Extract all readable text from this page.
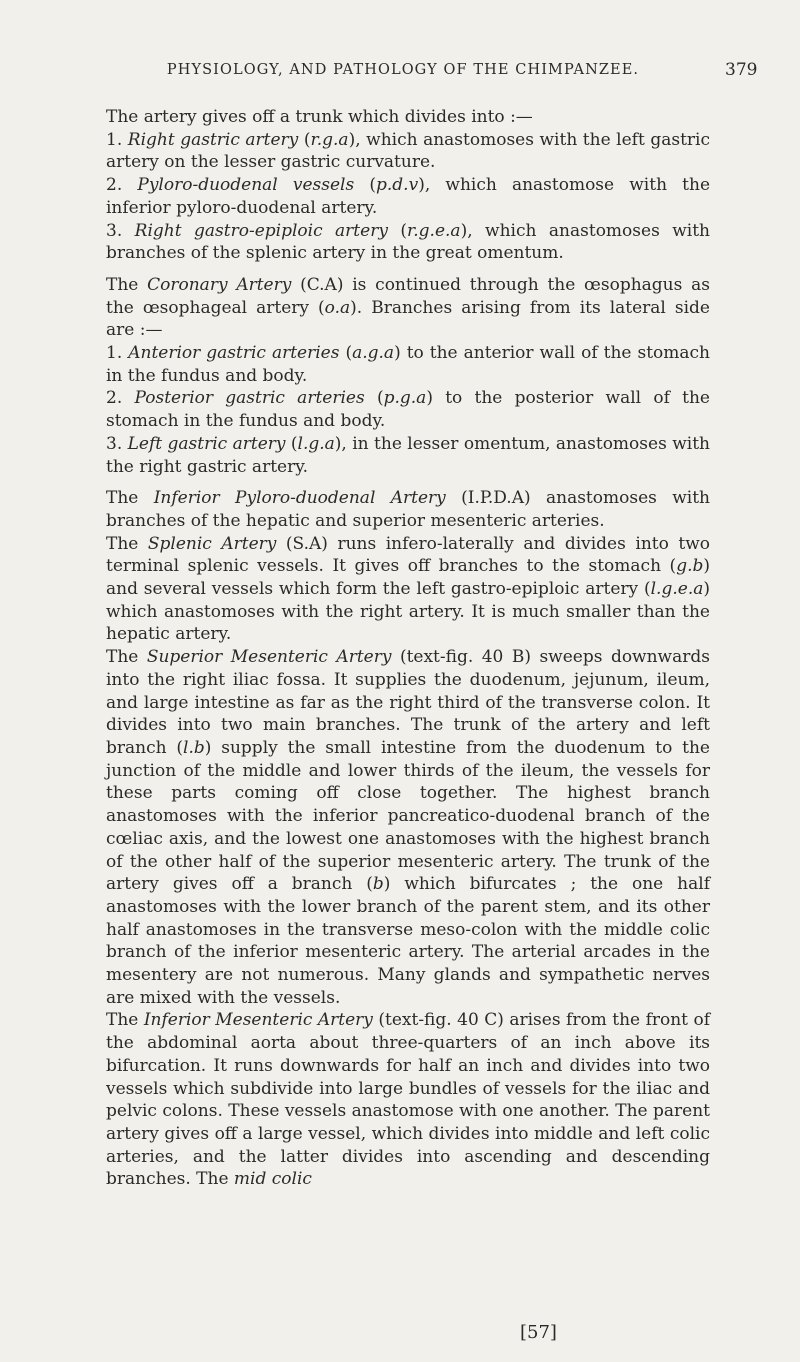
PHYSIOLOGY, AND PATHOLOGY OF THE CHIMPANZEE.	379

The artery gives off a trunk which divides into :—

1. Right gastric artery (r.g.a), which anastomoses with the left gastric artery on the lesser gastric curvature.

2. Pyloro-duodenal vessels (p.d.v), which anastomose with the inferior pyloro-duodenal artery.

3. Right gastro-epiploic artery (r.g.e.a), which anastomoses with branches of the splenic artery in the great omentum.

The Coronary Artery (C.A) is continued through the œsophagus as the œsophageal artery (o.a). Branches arising from its lateral side are :—

1. Anterior gastric arteries (a.g.a) to the anterior wall of the stomach in the fundus and body.

2. Posterior gastric arteries (p.g.a) to the posterior wall of the stomach in the fundus and body.

3. Left gastric artery (l.g.a), in the lesser omentum, anastomoses with the right gastric artery.

The Inferior Pyloro-duodenal Artery (I.P.D.A) anastomoses with branches of the hepatic and superior mesenteric arteries.

The Splenic Artery (S.A) runs infero-laterally and divides into two terminal splenic vessels. It gives off branches to the stomach (g.b) and several vessels which form the left gastro-epiploic artery (l.g.e.a) which anastomoses with the right artery. It is much smaller than the hepatic artery.

The Superior Mesenteric Artery (text-fig. 40 B) sweeps downwards into the right iliac fossa. It supplies the duodenum, jejunum, ileum, and large intestine as far as the right third of the transverse colon. It divides into two main branches. The trunk of the artery and left branch (l.b) supply the small intestine from the duodenum to the junction of the middle and lower thirds of the ileum, the vessels for these parts coming off close together. The highest branch anastomoses with the inferior pancreatico-duodenal branch of the cœliac axis, and the lowest one anastomoses with the highest branch of the other half of the superior mesenteric artery. The trunk of the artery gives off a branch (b) which bifurcates ; the one half anastomoses with the lower branch of the parent stem, and its other half anastomoses in the transverse meso-colon with the middle colic branch of the inferior mesenteric artery. The arterial arcades in the mesentery are not numerous. Many glands and sympathetic nerves are mixed with the vessels.

The Inferior Mesenteric Artery (text-fig. 40 C) arises from the front of the abdominal aorta about three-quarters of an inch above its bifurcation. It runs downwards for half an inch and divides into two vessels which subdivide into large bundles of vessels for the iliac and pelvic colons. These vessels anastomose with one another. The parent artery gives off a large vessel, which divides into middle and left colic arteries, and the latter divides into ascending and descending branches. The mid colic

[57]
